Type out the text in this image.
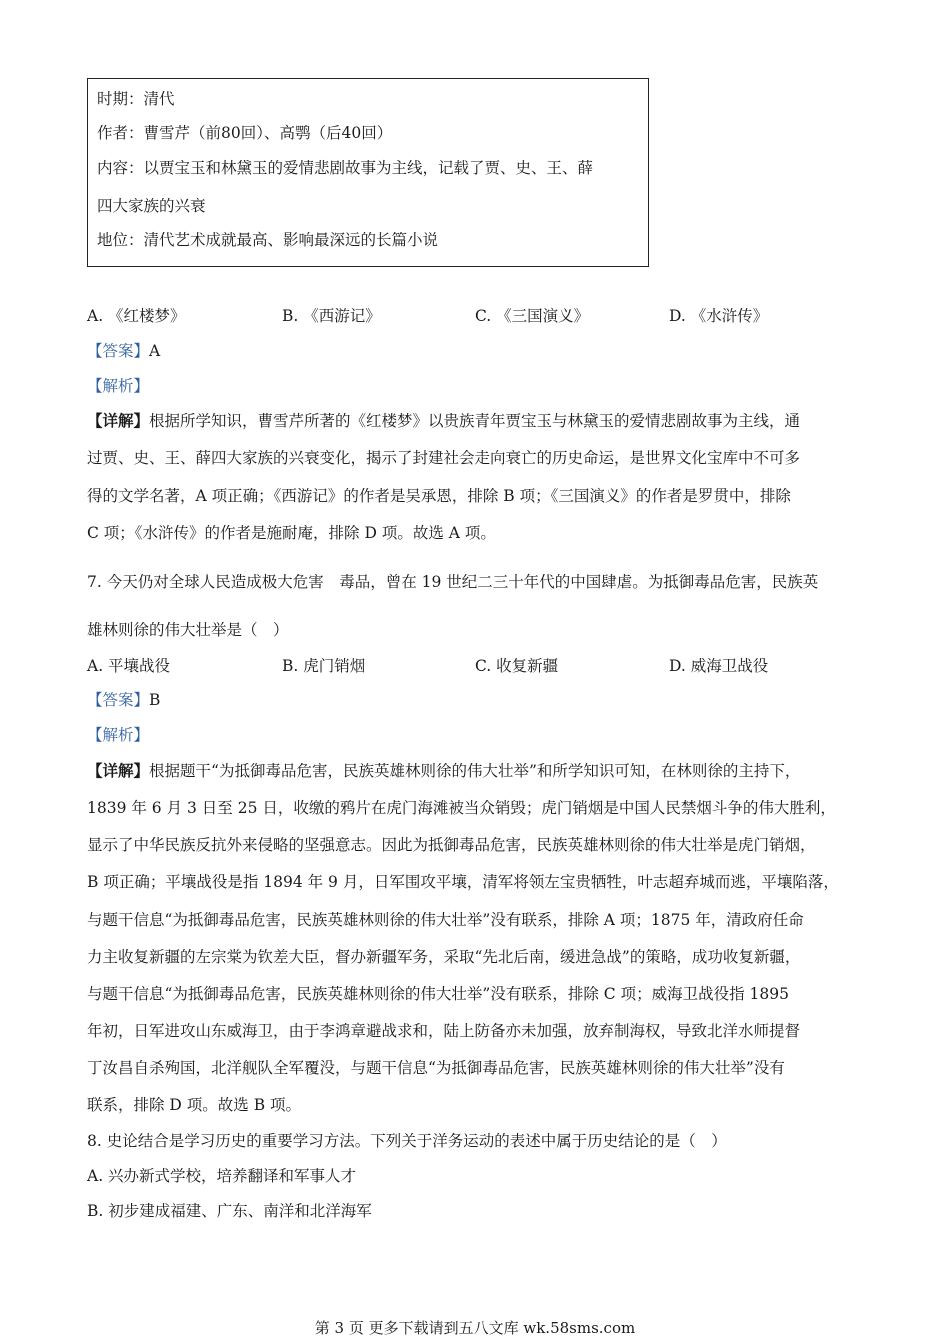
时期：清代
作者：曹雪芹（前80回）、高鹗（后40回）
内容：以贾宝玉和林黛玉的爱情悲剧故事为主线，记载了贾、史、王、薛
四大家族的兴衰
地位：清代艺术成就最高、影响最深远的长篇小说
A. 《红楼梦》	B. 《西游记》	C. 《三国演义》	D. 《水浒传》
【答案】A
【解析】
【详解】根据所学知识，曹雪芹所著的《红楼梦》以贵族青年贾宝玉与林黛玉的爱情悲剧故事为主线，通
过贾、史、王、薛四大家族的兴衰变化，揭示了封建社会走向衰亡的历史命运，是世界文化宝库中不可多
得的文学名著，A 项正确；《西游记》的作者是吴承恩，排除 B 项；《三国演义》的作者是罗贯中，排除
C 项；《水浒传》的作者是施耐庵，排除 D 项。故选 A 项。
7. 今天仍对全球人民造成极大危害　毒品，曾在 19 世纪二三十年代的中国肆虐。为抵御毒品危害，民族英
雄林则徐的伟大壮举是（　）
A. 平壤战役	B. 虎门销烟	C. 收复新疆	D. 威海卫战役
【答案】B
【解析】
【详解】根据题干“为抵御毒品危害，民族英雄林则徐的伟大壮举”和所学知识可知，在林则徐的主持下，
1839 年 6 月 3 日至 25 日，收缴的鸦片在虎门海滩被当众销毁；虎门销烟是中国人民禁烟斗争的伟大胜利，
显示了中华民族反抗外来侵略的坚强意志。因此为抵御毒品危害，民族英雄林则徐的伟大壮举是虎门销烟，
B 项正确；平壤战役是指 1894 年 9 月，日军围攻平壤，清军将领左宝贵牺牲，叶志超弃城而逃，平壤陷落，
与题干信息“为抵御毒品危害，民族英雄林则徐的伟大壮举”没有联系，排除 A 项；1875 年，清政府任命
力主收复新疆的左宗棠为钦差大臣，督办新疆军务，采取“先北后南，缓进急战”的策略，成功收复新疆，
与题干信息“为抵御毒品危害，民族英雄林则徐的伟大壮举”没有联系，排除 C 项；威海卫战役指 1895
年初，日军进攻山东威海卫，由于李鸿章避战求和，陆上防备亦未加强，放弃制海权，导致北洋水师提督
丁汝昌自杀殉国，北洋舰队全军覆没，与题干信息“为抵御毒品危害，民族英雄林则徐的伟大壮举”没有
联系，排除 D 项。故选 B 项。
8. 史论结合是学习历史的重要学习方法。下列关于洋务运动的表述中属于历史结论的是（　）
A. 兴办新式学校，培养翻译和军事人才
B. 初步建成福建、广东、南洋和北洋海军
第 3 页 更多下载请到五八文库 wk.58sms.com
